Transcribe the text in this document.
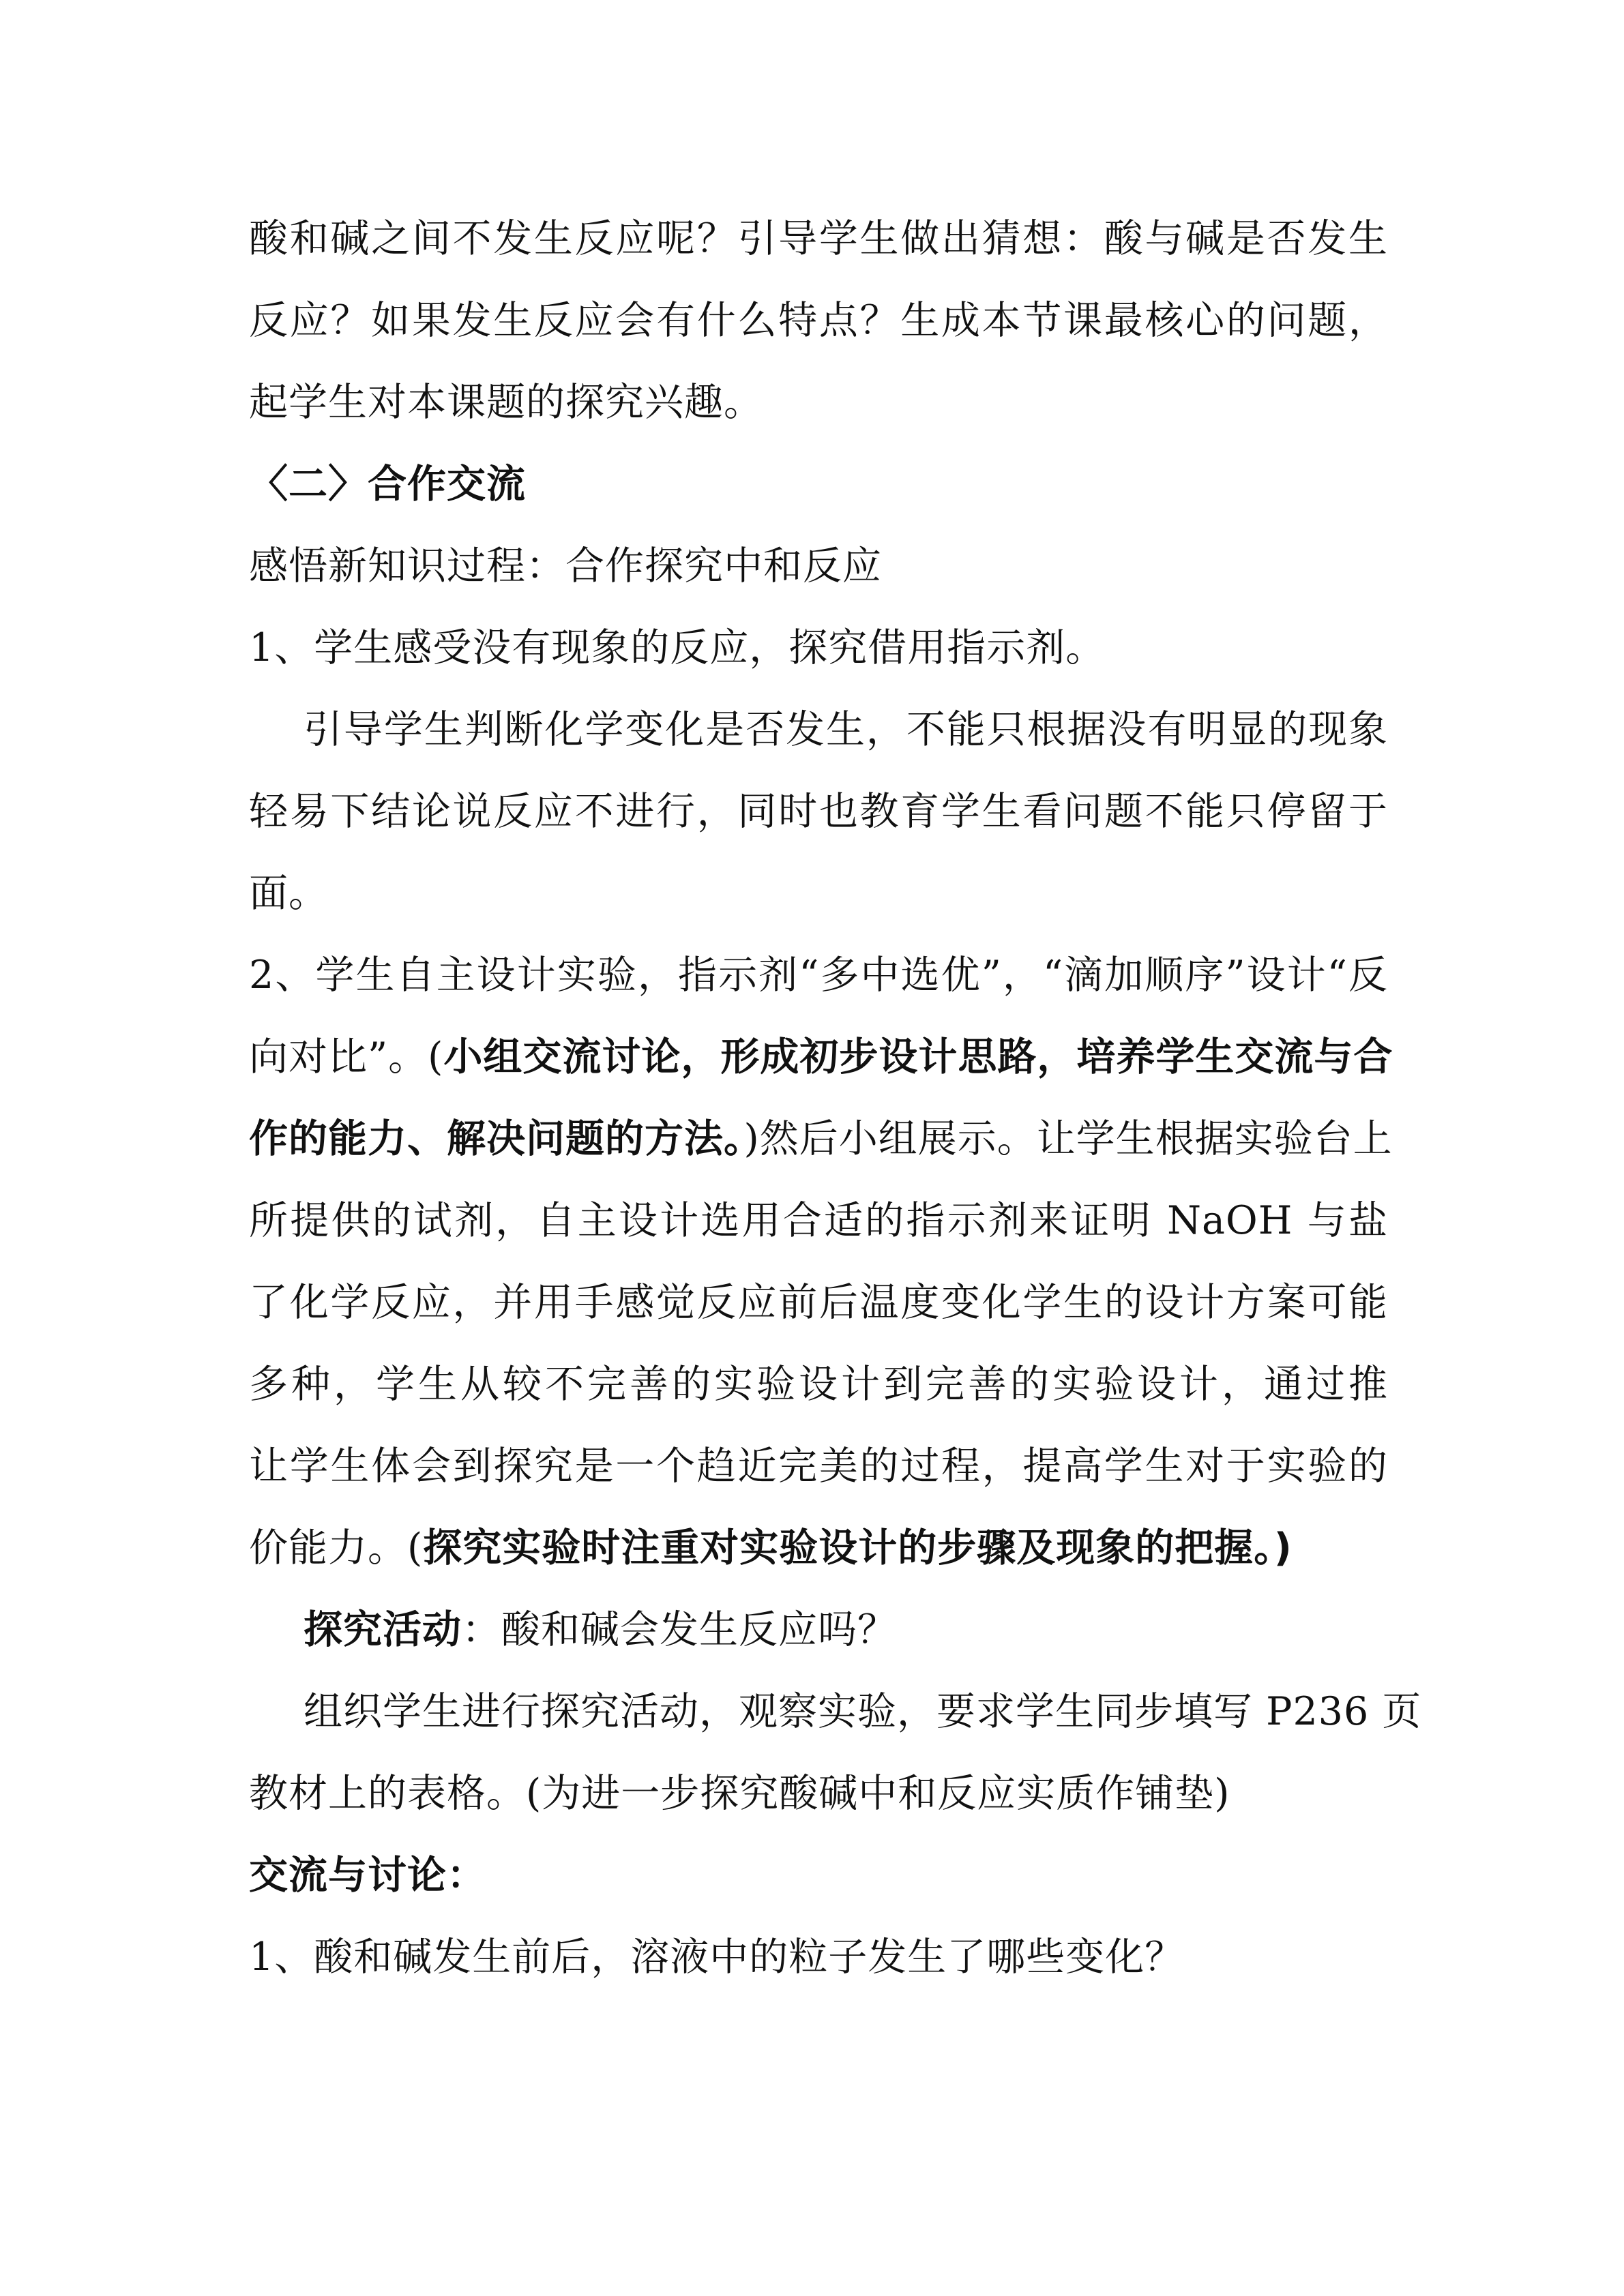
酸和碱之间不发生反应呢？引导学生做出猜想：酸与碱是否发生
反应？如果发生反应会有什么特点？生成本节课最核心的问题，
起学生对本课题的探究兴趣。
〈二〉合作交流
感悟新知识过程：合作探究中和反应
1、学生感受没有现象的反应，探究借用指示剂。
引导学生判断化学变化是否发生，不能只根据没有明显的现象
轻易下结论说反应不进行，同时也教育学生看问题不能只停留于
面。
2、学生自主设计实验，指示剂“多中选优”，“滴加顺序”设计“反
向对比”。(小组交流讨论，形成初步设计思路，培养学生交流与合
作的能力、解决问题的方法。)然后小组展示。让学生根据实验台上
所提供的试剂，自主设计选用合适的指示剂来证明 NaOH 与盐
了化学反应，并用手感觉反应前后温度变化学生的设计方案可能
多种，学生从较不完善的实验设计到完善的实验设计，通过推
让学生体会到探究是一个趋近完美的过程，提高学生对于实验的
价能力。(探究实验时注重对实验设计的步骤及现象的把握。)
探究活动：酸和碱会发生反应吗？
组织学生进行探究活动，观察实验，要求学生同步填写 P236 页
教材上的表格。(为进一步探究酸碱中和反应实质作铺垫)
交流与讨论：
1、酸和碱发生前后，溶液中的粒子发生了哪些变化？
